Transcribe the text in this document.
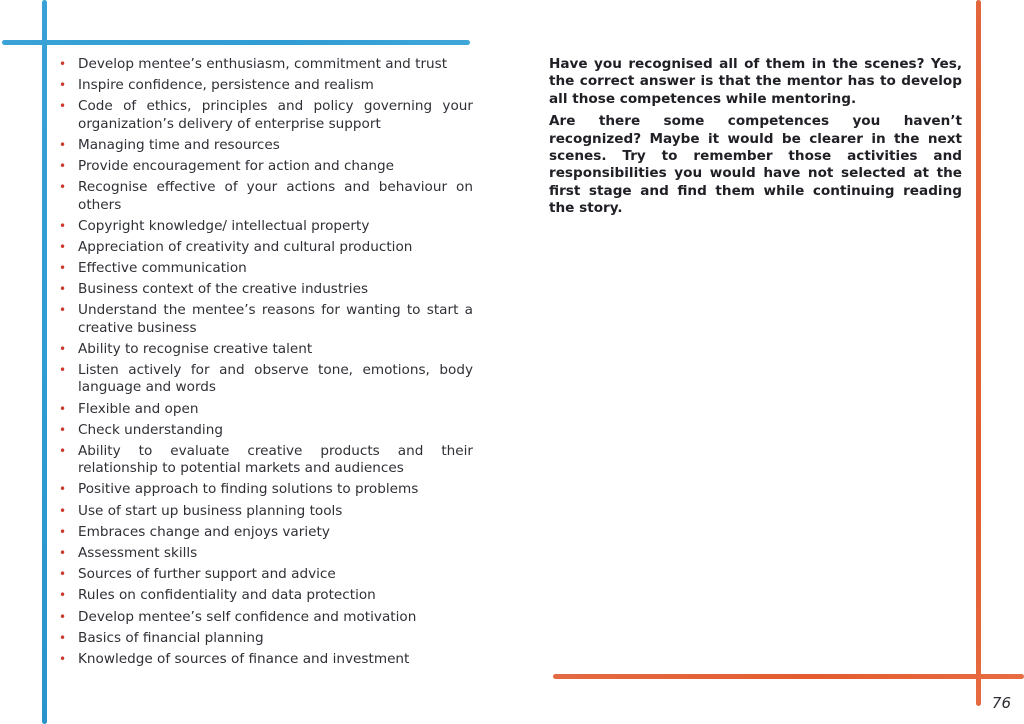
• Develop mentee’s enthusiasm, commitment and trust
• Inspire confidence, persistence and realism
• Code of ethics, principles and policy governing your organization’s delivery of enterprise support
• Managing time and resources
• Provide encouragement for action and change
• Recognise effective of your actions and behaviour on others
• Copyright knowledge/ intellectual property
• Appreciation of creativity and cultural production
• Effective communication
• Business context of the creative industries
• Understand the mentee’s reasons for wanting to start a creative business
• Ability to recognise creative talent
• Listen actively for and observe tone, emotions, body language and words
• Flexible and open
• Check understanding
• Ability to evaluate creative products and their relationship to potential markets and audiences
• Positive approach to finding solutions to problems
• Use of start up business planning tools
• Embraces change and enjoys variety
• Assessment skills
• Sources of further support and advice
• Rules on confidentiality and data protection
• Develop mentee’s self confidence and motivation
• Basics of financial planning
• Knowledge of sources of finance and investment

Have you recognised all of them in the scenes? Yes, the correct answer is that the mentor has to develop all those competences while mentoring.

Are there some competences you haven’t recognized? Maybe it would be clearer in the next scenes. Try to remember those activities and responsibilities you would have not selected at the first stage and find them while continuing reading the story.

76
